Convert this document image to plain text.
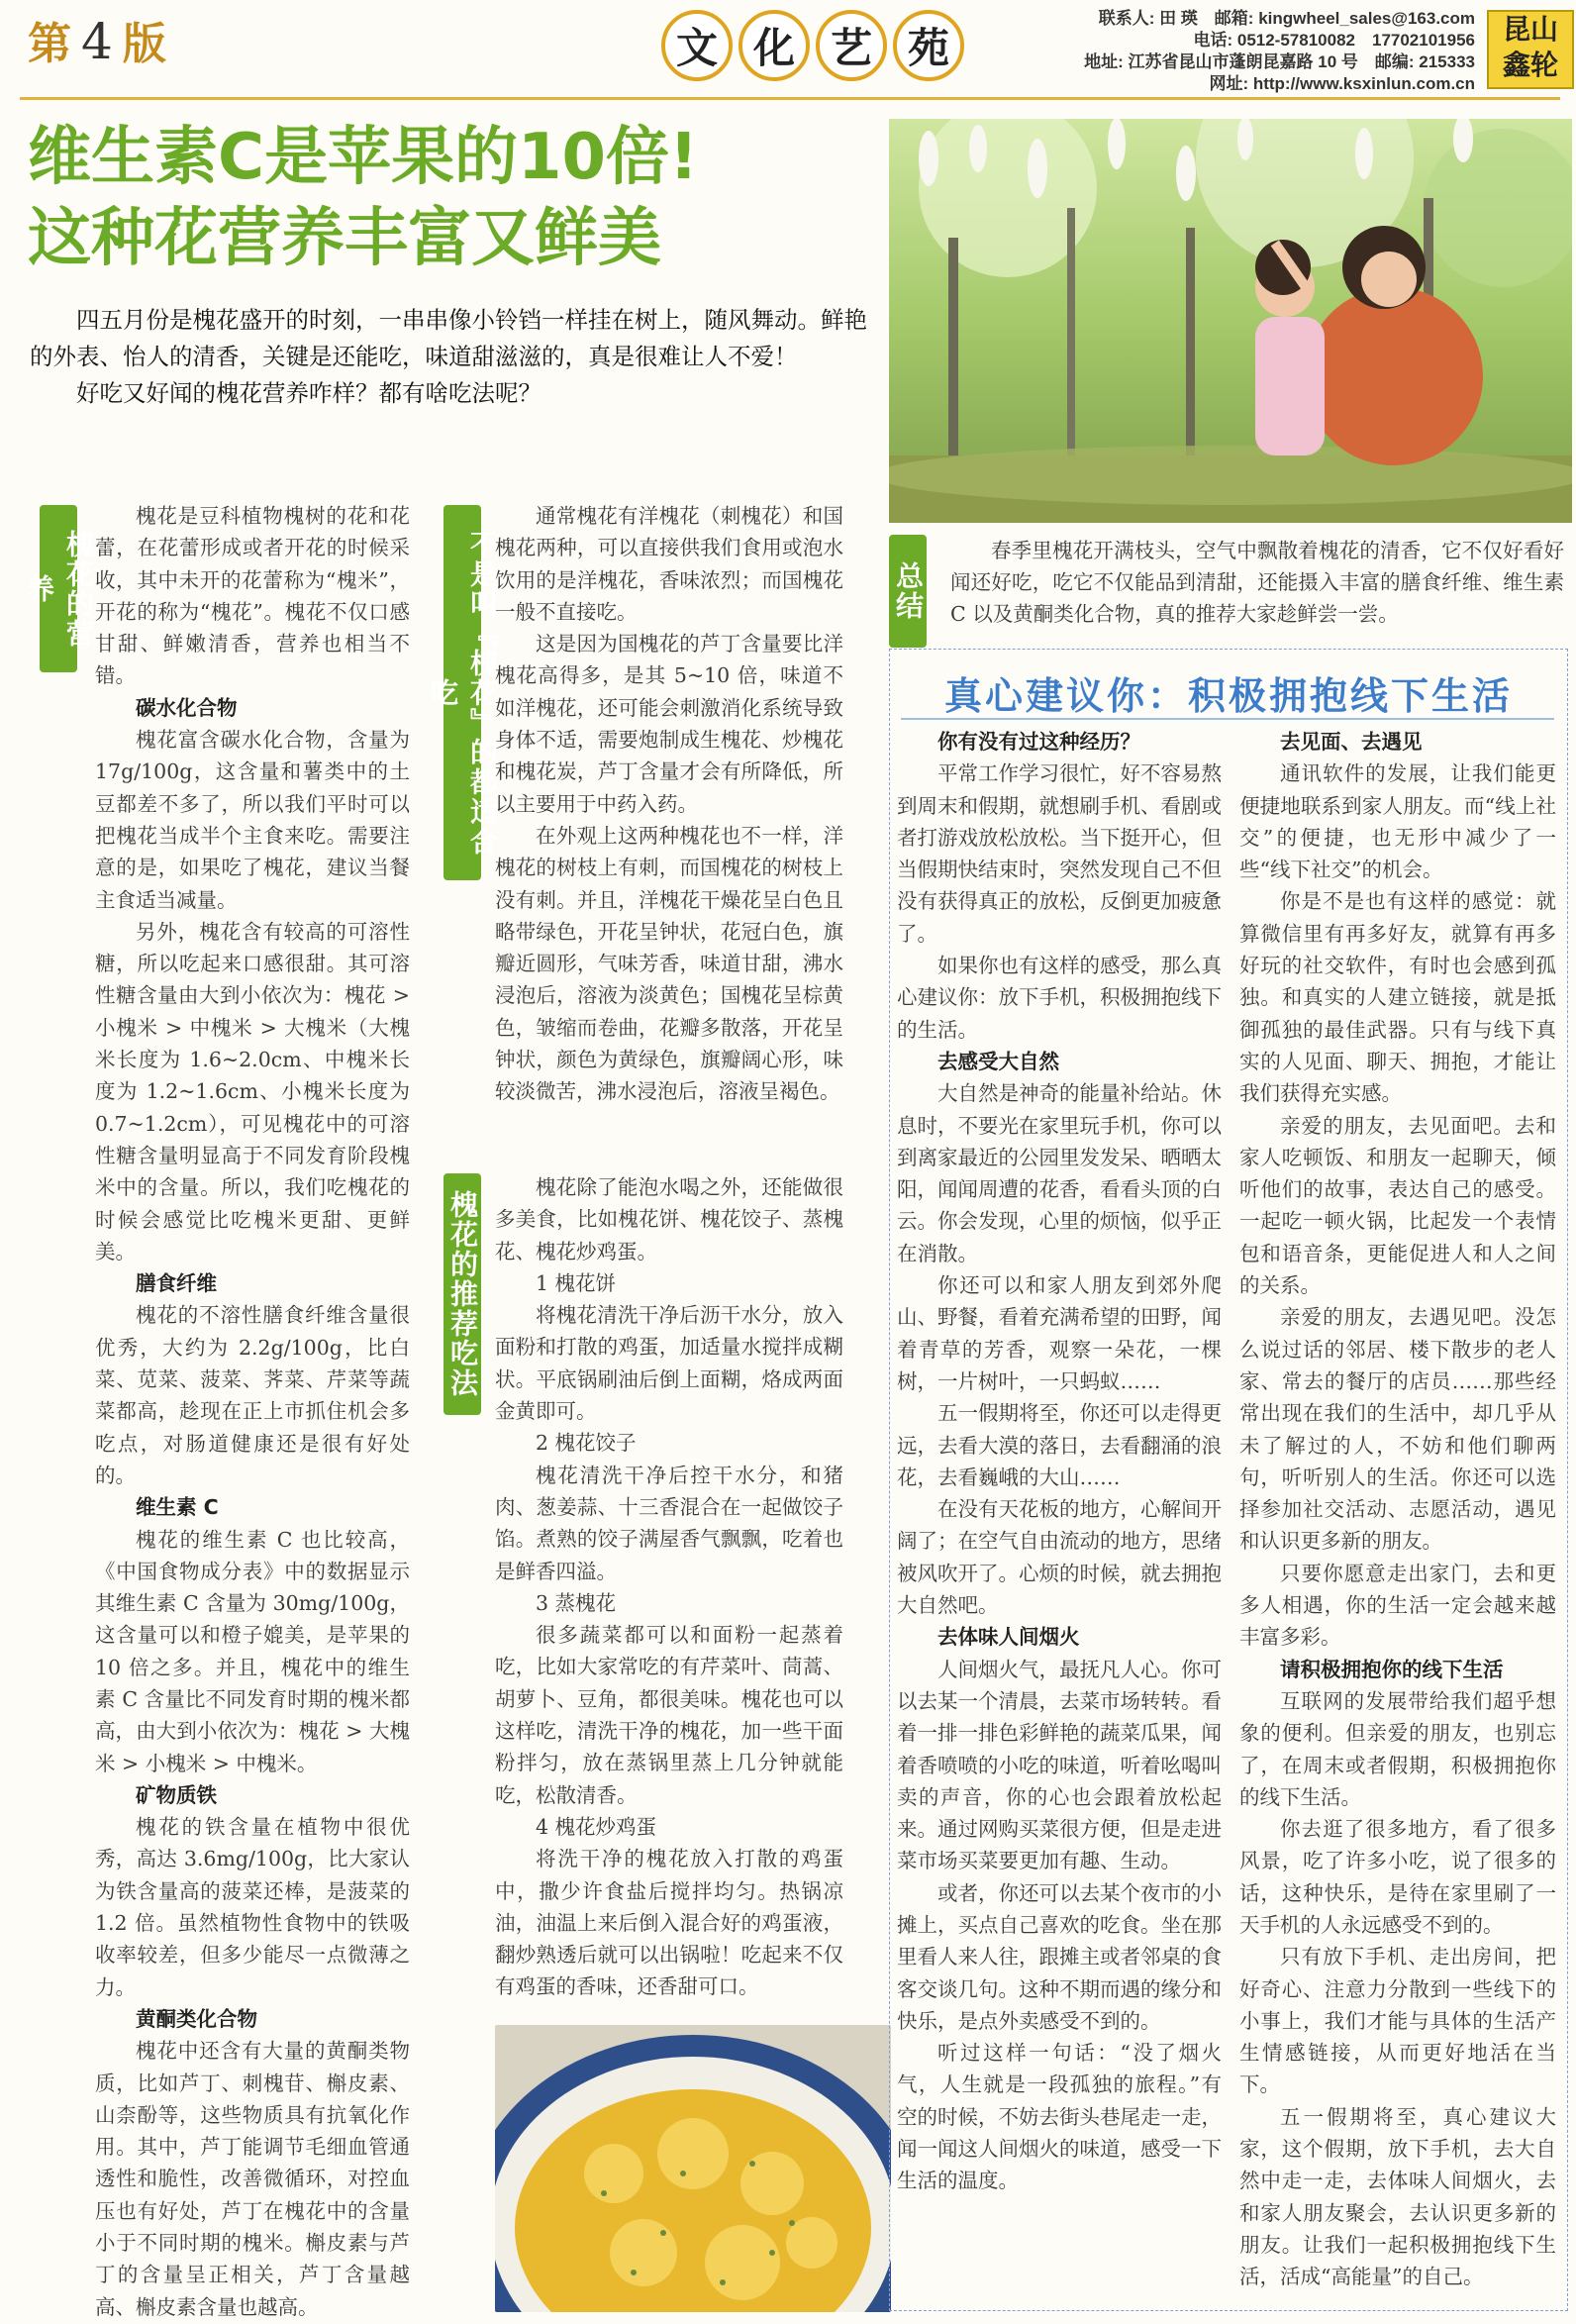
第 4 版	文 化 艺 苑
联系人: 田 瑛　邮箱: kingwheel_sales@163.com
电话: 0512-57810082　17702101956
地址: 江苏省昆山市蓬朗昆嘉路 10 号　邮编: 215333
网址: http://www.ksxinlun.com.cn
昆山
鑫轮
维生素C是苹果的10倍!
这种花营养丰富又鲜美

四五月份是槐花盛开的时刻，一串串像小铃铛一样挂在树上，随风舞动。鲜艳的外表、怡人的清香，关键是还能吃，味道甜滋滋的，真是很难让人不爱！

好吃又好闻的槐花营养咋样？都有啥吃法呢？

槐花的营养	不是叫『槐花』的都适合吃
槐花的推荐吃法
总结

槐花是豆科植物槐树的花和花蕾，在花蕾形成或者开花的时候采收，其中未开的花蕾称为“槐米”，开花的称为“槐花”。槐花不仅口感甘甜、鲜嫩清香，营养也相当不错。

碳水化合物

槐花富含碳水化合物，含量为 17g/100g，这含量和薯类中的土豆都差不多了，所以我们平时可以把槐花当成半个主食来吃。需要注意的是，如果吃了槐花，建议当餐主食适当减量。

另外，槐花含有较高的可溶性糖，所以吃起来口感很甜。其可溶性糖含量由大到小依次为：槐花 > 小槐米 > 中槐米 > 大槐米（大槐米长度为 1.6~2.0cm、中槐米长度为 1.2~1.6cm、小槐米长度为 0.7~1.2cm），可见槐花中的可溶性糖含量明显高于不同发育阶段槐米中的含量。所以，我们吃槐花的时候会感觉比吃槐米更甜、更鲜美。

膳食纤维

槐花的不溶性膳食纤维含量很优秀，大约为 2.2g/100g，比白菜、苋菜、菠菜、荠菜、芹菜等蔬菜都高，趁现在正上市抓住机会多吃点，对肠道健康还是很有好处的。

维生素 C

槐花的维生素 C 也比较高，《中国食物成分表》中的数据显示其维生素 C 含量为 30mg/100g，这含量可以和橙子媲美，是苹果的 10 倍之多。并且，槐花中的维生素 C 含量比不同发育时期的槐米都高，由大到小依次为：槐花 > 大槐米 > 小槐米 > 中槐米。

矿物质铁

槐花的铁含量在植物中很优秀，高达 3.6mg/100g，比大家认为铁含量高的菠菜还棒，是菠菜的 1.2 倍。虽然植物性食物中的铁吸收率较差，但多少能尽一点微薄之力。

黄酮类化合物

槐花中还含有大量的黄酮类物质，比如芦丁、刺槐苷、槲皮素、山柰酚等，这些物质具有抗氧化作用。其中，芦丁能调节毛细血管通透性和脆性，改善微循环，对控血压也有好处，芦丁在槐花中的含量小于不同时期的槐米。槲皮素与芦丁的含量呈正相关，芦丁含量越高、槲皮素含量也越高。

通常槐花有洋槐花（刺槐花）和国槐花两种，可以直接供我们食用或泡水饮用的是洋槐花，香味浓烈；而国槐花一般不直接吃。

这是因为国槐花的芦丁含量要比洋槐花高得多，是其 5~10 倍，味道不如洋槐花，还可能会刺激消化系统导致身体不适，需要炮制成生槐花、炒槐花和槐花炭，芦丁含量才会有所降低，所以主要用于中药入药。

在外观上这两种槐花也不一样，洋槐花的树枝上有刺，而国槐花的树枝上没有刺。并且，洋槐花干燥花呈白色且略带绿色，开花呈钟状，花冠白色，旗瓣近圆形，气味芳香，味道甘甜，沸水浸泡后，溶液为淡黄色；国槐花呈棕黄色，皱缩而卷曲，花瓣多散落，开花呈钟状，颜色为黄绿色，旗瓣阔心形，味较淡微苦，沸水浸泡后，溶液呈褐色。

槐花除了能泡水喝之外，还能做很多美食，比如槐花饼、槐花饺子、蒸槐花、槐花炒鸡蛋。

1 槐花饼

将槐花清洗干净后沥干水分，放入面粉和打散的鸡蛋，加适量水搅拌成糊状。平底锅刷油后倒上面糊，烙成两面金黄即可。

2 槐花饺子

槐花清洗干净后控干水分，和猪肉、葱姜蒜、十三香混合在一起做饺子馅。煮熟的饺子满屋香气飘飘，吃着也是鲜香四溢。

3 蒸槐花

很多蔬菜都可以和面粉一起蒸着吃，比如大家常吃的有芹菜叶、茼蒿、胡萝卜、豆角，都很美味。槐花也可以这样吃，清洗干净的槐花，加一些干面粉拌匀，放在蒸锅里蒸上几分钟就能吃，松散清香。

4 槐花炒鸡蛋

将洗干净的槐花放入打散的鸡蛋中，撒少许食盐后搅拌均匀。热锅凉油，油温上来后倒入混合好的鸡蛋液，翻炒熟透后就可以出锅啦！吃起来不仅有鸡蛋的香味，还香甜可口。

春季里槐花开满枝头，空气中飘散着槐花的清香，它不仅好看好闻还好吃，吃它不仅能品到清甜，还能摄入丰富的膳食纤维、维生素 C 以及黄酮类化合物，真的推荐大家趁鲜尝一尝。

真心建议你：积极拥抱线下生活
你有没有过这种经历？

平常工作学习很忙，好不容易熬到周末和假期，就想刷手机、看剧或者打游戏放松放松。当下挺开心，但当假期快结束时，突然发现自己不但没有获得真正的放松，反倒更加疲惫了。

如果你也有这样的感受，那么真心建议你：放下手机，积极拥抱线下的生活。

去感受大自然

大自然是神奇的能量补给站。休息时，不要光在家里玩手机，你可以到离家最近的公园里发发呆、晒晒太阳，闻闻周遭的花香，看看头顶的白云。你会发现，心里的烦恼，似乎正在消散。

你还可以和家人朋友到郊外爬山、野餐，看着充满希望的田野，闻着青草的芳香，观察一朵花，一棵树，一片树叶，一只蚂蚁……

五一假期将至，你还可以走得更远，去看大漠的落日，去看翻涌的浪花，去看巍峨的大山……

在没有天花板的地方，心解间开阔了；在空气自由流动的地方，思绪被风吹开了。心烦的时候，就去拥抱大自然吧。

去体味人间烟火

人间烟火气，最抚凡人心。你可以去某一个清晨，去菜市场转转。看着一排一排色彩鲜艳的蔬菜瓜果，闻着香喷喷的小吃的味道，听着吆喝叫卖的声音，你的心也会跟着放松起来。通过网购买菜很方便，但是走进菜市场买菜要更加有趣、生动。

或者，你还可以去某个夜市的小摊上，买点自己喜欢的吃食。坐在那里看人来人往，跟摊主或者邻桌的食客交谈几句。这种不期而遇的缘分和快乐，是点外卖感受不到的。

听过这样一句话：“没了烟火气，人生就是一段孤独的旅程。”有空的时候，不妨去街头巷尾走一走，闻一闻这人间烟火的味道，感受一下生活的温度。

去见面、去遇见

通讯软件的发展，让我们能更便捷地联系到家人朋友。而“线上社交”的便捷，也无形中减少了一些“线下社交”的机会。

你是不是也有这样的感觉：就算微信里有再多好友，就算有再多好玩的社交软件，有时也会感到孤独。和真实的人建立链接，就是抵御孤独的最佳武器。只有与线下真实的人见面、聊天、拥抱，才能让我们获得充实感。

亲爱的朋友，去见面吧。去和家人吃顿饭、和朋友一起聊天，倾听他们的故事，表达自己的感受。一起吃一顿火锅，比起发一个表情包和语音条，更能促进人和人之间的关系。

亲爱的朋友，去遇见吧。没怎么说过话的邻居、楼下散步的老人家、常去的餐厅的店员……那些经常出现在我们的生活中，却几乎从未了解过的人，不妨和他们聊两句，听听别人的生活。你还可以选择参加社交活动、志愿活动，遇见和认识更多新的朋友。

只要你愿意走出家门，去和更多人相遇，你的生活一定会越来越丰富多彩。

请积极拥抱你的线下生活

互联网的发展带给我们超乎想象的便利。但亲爱的朋友，也别忘了，在周末或者假期，积极拥抱你的线下生活。

你去逛了很多地方，看了很多风景，吃了许多小吃，说了很多的话，这种快乐，是待在家里刷了一天手机的人永远感受不到的。

只有放下手机、走出房间，把好奇心、注意力分散到一些线下的小事上，我们才能与具体的生活产生情感链接，从而更好地活在当下。

五一假期将至，真心建议大家，这个假期，放下手机，去大自然中走一走，去体味人间烟火，去和家人朋友聚会，去认识更多新的朋友。让我们一起积极拥抱线下生活，活成“高能量”的自己。
